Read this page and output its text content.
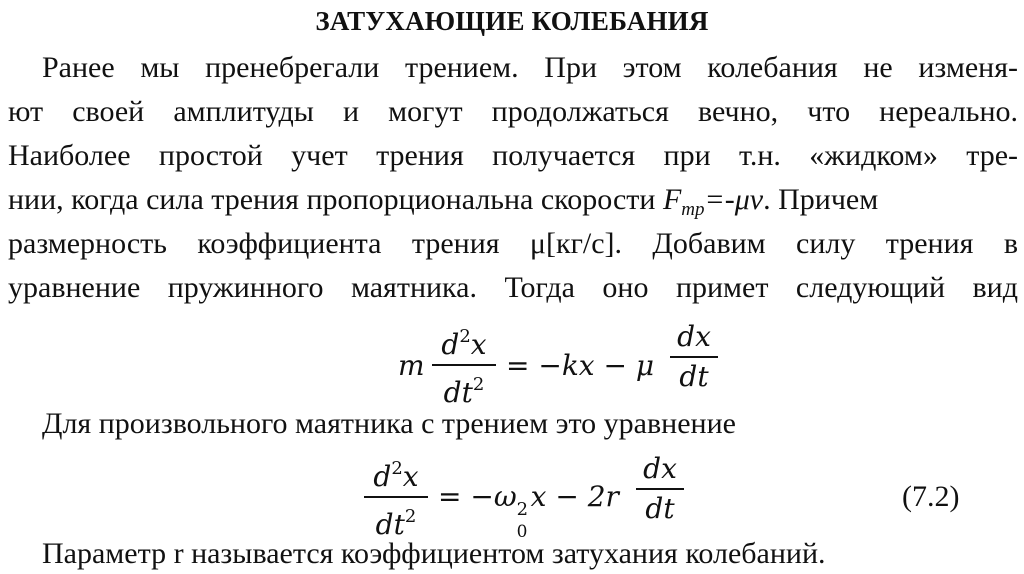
ЗАТУХАЮЩИЕ КОЛЕБАНИЯ
Ранее мы пренебрегали трением. При этом колебания не изменя-
ют своей амплитуды и могут продолжаться вечно, что нереально.
Наиболее простой учет трения получается при т.н. «жидком» тре-
нии, когда сила трения пропорциональна скорости $F_{тр}=-\mu v$. Причем
размерность коэффициента трения μ[кг/с]. Добавим силу трения в
уравнение пружинного маятника. Тогда оно примет следующий вид
m
$d^2x$
$dt^2$
= −kx − μ
dx
dt
Для произвольного маятника с трением это уравнение
$d^2x$
$dt^2$
= −ω 2
0
x − 2r
dx
dt	(7.2)
Параметр r называется коэффициентом затухания колебаний.
